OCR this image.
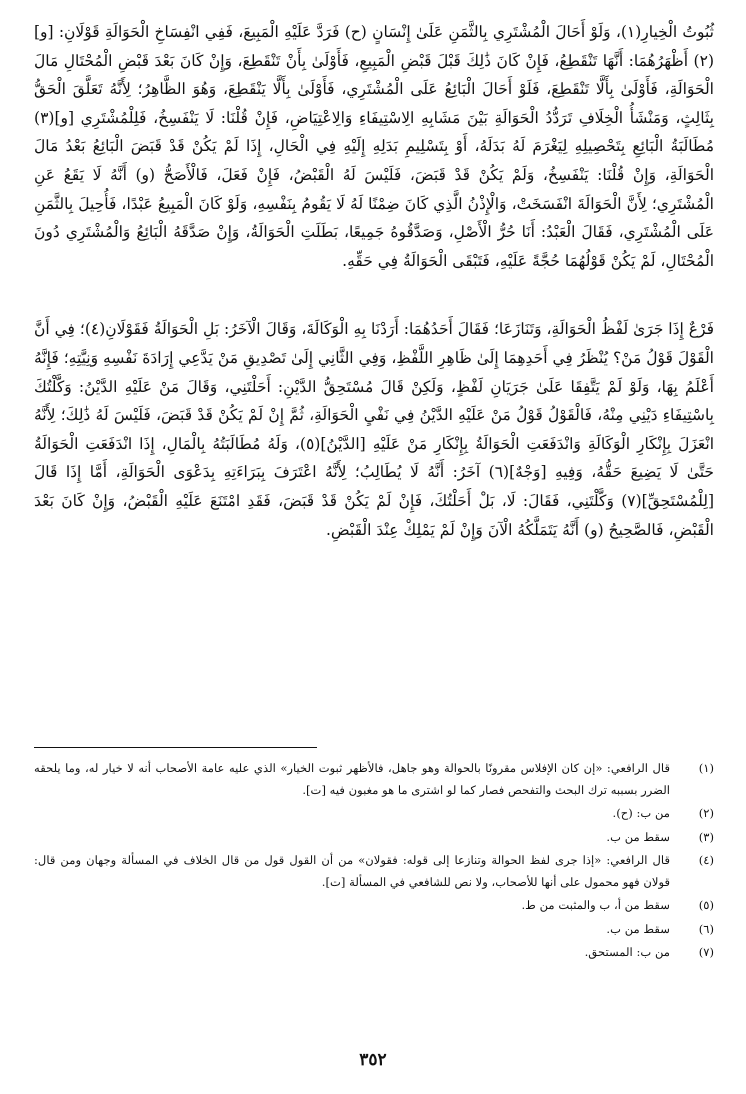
ثُبُوتُ الْخِيارِ(١)، وَلَوْ أَحَالَ الْمُشْتَرِي بِالثَّمَنِ عَلَىٰ إِنْسَانٍ (ح) فَرَدَّ عَلَيْهِ الْمَبِيعَ، فَفِي انْفِسَاخِ الْحَوَالَةِ قَوْلَانِ: [و](٢) أَظْهَرُهُمَا: أَنَّهَا تَنْقَطِعُ، فَإِنْ كَانَ ذَٰلِكَ قَبْلَ قَبْضِ الْمَبِيعِ، فَأَوْلَىٰ بِأَنْ تَنْقَطِعَ، وَإِنْ كَانَ بَعْدَ قَبْضِ الْمُحْتَالِ مَالَ الْحَوَالَةِ، فَأَوْلَىٰ بِأَلَّا تَنْقَطِعَ، فَلَوْ أَحَالَ الْبَائِعُ عَلَى الْمُشْتَرِي، فَأَوْلَىٰ بِأَلَّا يَنْقَطِعَ، وَهُوَ الظَّاهِرُ؛ لِأَنَّهُ تَعَلَّقَ الْحَقُّ بِثَالِثٍ، وَمَنْشَأُ الْخِلَافِ تَرَدُّدُ الْحَوَالَةِ بَيْنَ مَشَابِهِ الِاسْتِيفَاءِ وَالِاعْتِيَاضِ، فَإِنْ قُلْنَا: لَا يَنْفَسِخُ، فَلِلْمُشْتَرِي [و](٣) مُطَالَبَةُ الْبَائِعِ بِتَحْصِيلِهِ لِيَغْرَمَ لَهُ بَدَلَهُ، أَوْ بِتَسْلِيمِ بَدَلِهِ إِلَيْهِ فِي الْحَالِ، إِذَا لَمْ يَكُنْ قَدْ قَبَضَ الْبَائِعُ بَعْدُ مَالَ الْحَوَالَةِ، وَإِنْ قُلْنَا: يَنْفَسِخُ، وَلَمْ يَكُنْ قَدْ قَبَضَ، فَلَيْسَ لَهُ الْقَبْضُ، فَإِنْ فَعَلَ، فَالْأَصَحُّ (و) أَنَّهُ لَا يَقَعُ عَنِ الْمُشْتَرِي؛ لِأَنَّ الْحَوَالَةَ انْفَسَخَتْ، وَالْإِذْنُ الَّذِي كَانَ ضِمْنًا لَهُ لَا يَقُومُ بِنَفْسِهِ، وَلَوْ كَانَ الْمَبِيعُ عَبْدًا، فَأُحِيلَ بِالثَّمَنِ عَلَى الْمُشْتَرِي، فَقَالَ الْعَبْدُ: أَنَا حُرُّ الْأَصْلِ، وَصَدَّقُوهُ جَمِيعًا، بَطَلَتِ الْحَوَالَةُ، وَإِنْ صَدَّقَهُ الْبَائِعُ وَالْمُشْتَرِي دُونَ الْمُحْتَالِ، لَمْ يَكُنْ قَوْلُهُمَا حُجَّةً عَلَيْهِ، فَتَبْقَى الْحَوَالَةُ فِي حَقِّهِ.

فَرْعٌ إِذَا جَرَىٰ لَفْظُ الْحَوَالَةِ، وَتَنَازَعَا؛ فَقَالَ أَحَدُهُمَا: أَرَدْنَا بِهِ الْوَكَالَةَ، وَقَالَ الْآخَرُ: بَلِ الْحَوَالَةُ فَقَوْلَانِ(٤)؛ فِي أَنَّ الْقَوْلَ قَوْلُ مَنْ؟ يُنْظَرُ فِي أَحَدِهِمَا إِلَىٰ ظَاهِرِ اللَّفْظِ، وَفِي الثَّانِي إِلَىٰ تَصْدِيقِ مَنْ يَدَّعِي إِرَادَةَ نَفْسِهِ وَنِيَّتِهِ؛ فَإِنَّهُ أَعْلَمُ بِهَا، وَلَوْ لَمْ يَتَّفِقَا عَلَىٰ جَرَيَانِ لَفْظٍ، وَلَكِنْ قَالَ مُسْتَحِقُّ الدَّيْنِ: أَحَلْتَنِي، وَقَالَ مَنْ عَلَيْهِ الدَّيْنُ: وَكَّلْتُكَ بِاسْتِيفَاءِ دَيْنِي مِنْهُ، فَالْقَوْلُ قَوْلُ مَنْ عَلَيْهِ الدَّيْنُ فِي نَفْيِ الْحَوَالَةِ، ثُمَّ إِنْ لَمْ يَكُنْ قَدْ قَبَضَ، فَلَيْسَ لَهُ ذَٰلِكَ؛ لِأَنَّهُ انْعَزَلَ بِإِنْكَارِ الْوَكَالَةِ وَانْدَفَعَتِ الْحَوَالَةُ بِإِنْكَارِ مَنْ عَلَيْهِ [الدَّيْنُ](٥)، وَلَهُ مُطَالَبَتُهُ بِالْمَالِ، إِذَا انْدَفَعَتِ الْحَوَالَةُ حَتَّىٰ لَا يَضِيعَ حَقُّهُ، وَفِيهِ [وَجْهٌ](٦) آخَرُ: أَنَّهُ لَا يُطَالِبُ؛ لِأَنَّهُ اعْتَرَفَ بِبَرَاءَتِهِ بِدَعْوَى الْحَوَالَةِ، أَمَّا إِذَا قَالَ [لِلْمُسْتَحِقِّ](٧) وَكَّلْتَنِي، فَقَالَ: لَا، بَلْ أَحَلْتُكَ، فَإِنْ لَمْ يَكُنْ قَدْ قَبَضَ، فَقَدِ امْتَنَعَ عَلَيْهِ الْقَبْضُ، وَإِنْ كَانَ بَعْدَ الْقَبْضِ، فَالصَّحِيحُ (و) أَنَّهُ يَتَمَلَّكُهُ الْآنَ وَإِنْ لَمْ يَمْلِكْ عِنْدَ الْقَبْضِ.

(١)
قال الرافعي: «إن كان الإفلاس مقرونًا بالحوالة وهو جاهل، فالأظهر ثبوت الخيار» الذي عليه عامة الأصحاب أنه لا خيار له، وما يلحقه الضرر بسببه ترك البحث والتفحص فصار كما لو اشترى ما هو مغبون فيه [ت].
(٢)
من ب: (ح).
(٣)
سقط من ب.
(٤)
قال الرافعي: «إذا جرى لفظ الحوالة وتنازعا إلى قوله: فقولان» من أن القول قول من قال الخلاف في المسألة وجهان ومن قال: قولان فهو محمول على أنها للأصحاب، ولا نص للشافعي في المسألة [ت].
(٥)
سقط من أ، ب والمثبت من ط.
(٦)
سقط من ب.
(٧)
من ب: المستحق.
٣٥٢
